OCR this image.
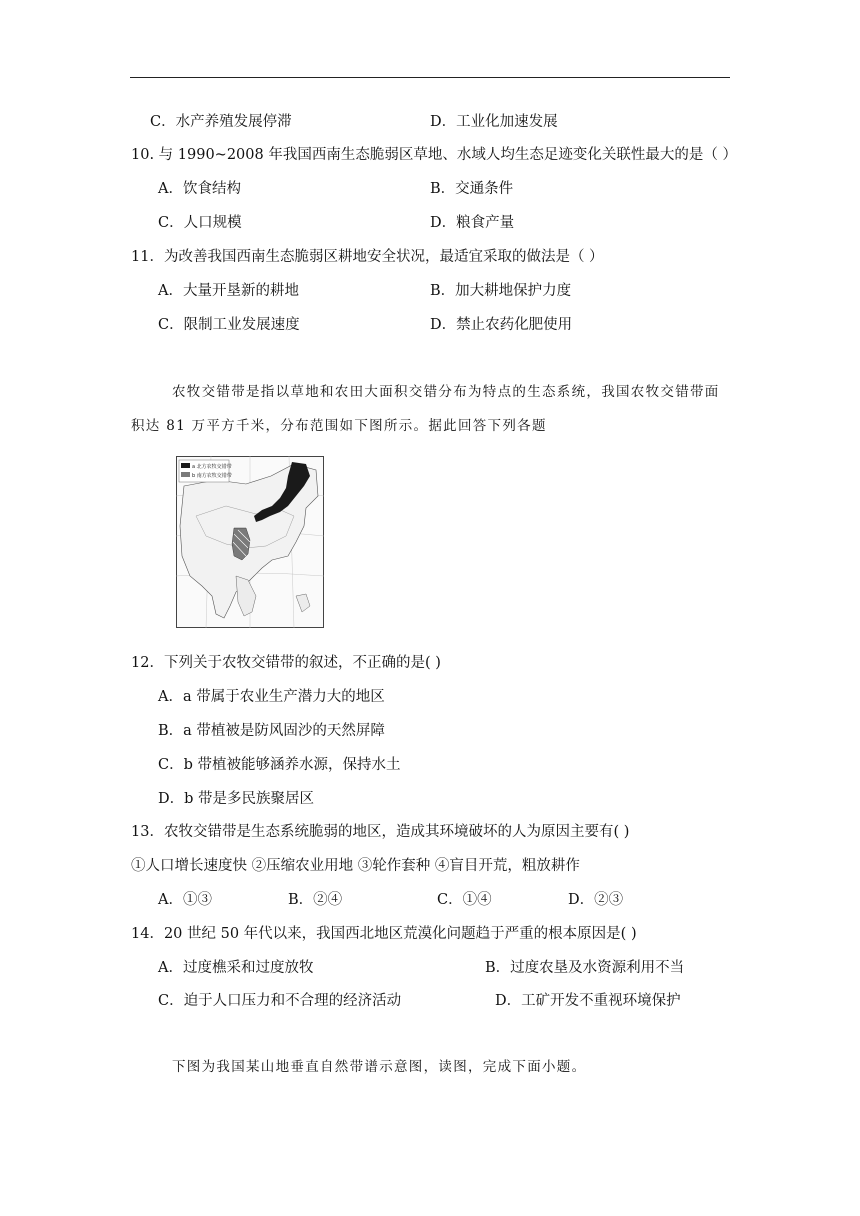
C．水产养殖发展停滞	D．工业化加速发展
10. 与 1990~2008 年我国西南生态脆弱区草地、水域人均生态足迹变化关联性最大的是（ ）
A．饮食结构	B．交通条件
C．人口规模	D．粮食产量
11．为改善我国西南生态脆弱区耕地安全状况，最适宜采取的做法是（ ）
A．大量开垦新的耕地	B．加大耕地保护力度
C．限制工业发展速度	D．禁止农药化肥使用
农牧交错带是指以草地和农田大面积交错分布为特点的生态系统，我国农牧交错带面
积达 81 万平方千米，分布范围如下图所示。据此回答下列各题
a 北方农牧交错带
b 南方农牧交错带
12．下列关于农牧交错带的叙述，不正确的是( )
A．a 带属于农业生产潜力大的地区
B．a 带植被是防风固沙的天然屏障
C．b 带植被能够涵养水源，保持水土
D．b 带是多民族聚居区
13．农牧交错带是生态系统脆弱的地区，造成其环境破坏的人为原因主要有( )
①人口增长速度快 ②压缩农业用地 ③轮作套种 ④盲目开荒，粗放耕作
A．①③	B．②④	C．①④	D．②③
14．20 世纪 50 年代以来，我国西北地区荒漠化问题趋于严重的根本原因是( )
A．过度樵采和过度放牧	B．过度农垦及水资源利用不当
C．迫于人口压力和不合理的经济活动	D．工矿开发不重视环境保护
下图为我国某山地垂直自然带谱示意图，读图，完成下面小题。
